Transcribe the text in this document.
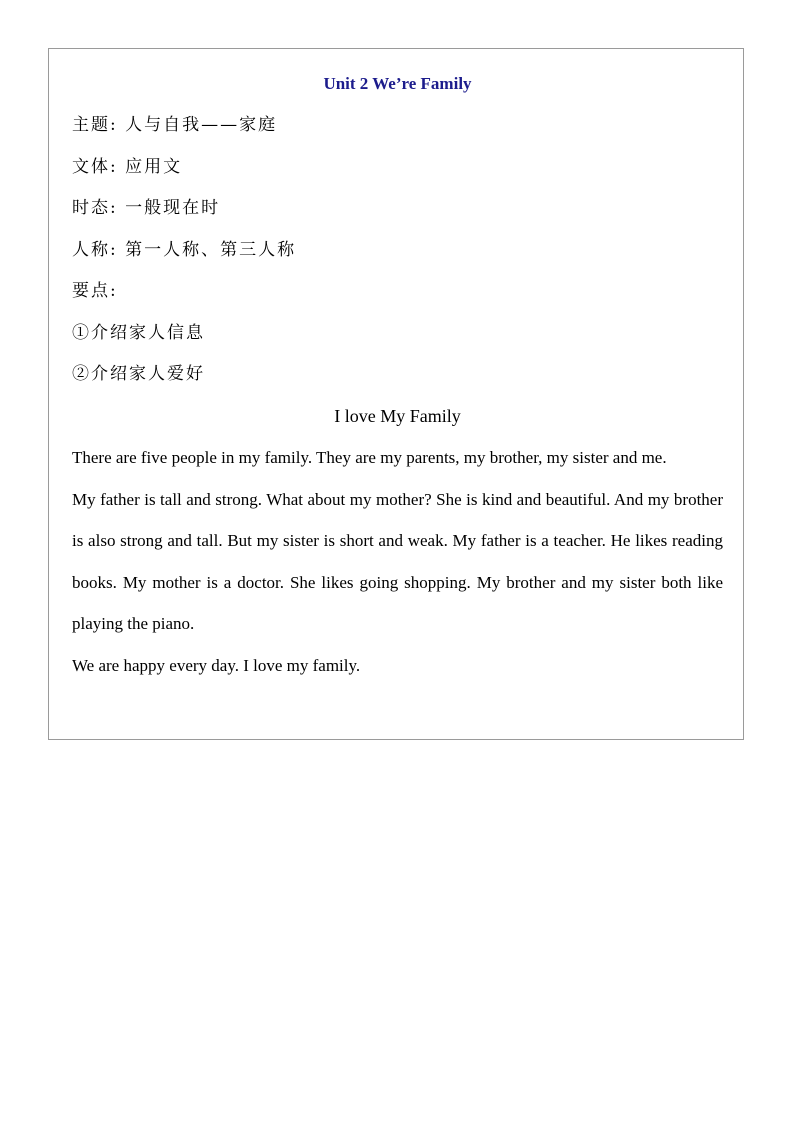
Unit 2 We’re Family
主题: 人与自我——家庭
文体: 应用文
时态: 一般现在时
人称: 第一人称、第三人称
要点:
①介绍家人信息
②介绍家人爱好
I love My Family
There are five people in my family. They are my parents, my brother, my sister and me.
My father is tall and strong. What about my mother? She is kind and beautiful. And my brother is also strong and tall. But my sister is short and weak. My father is a teacher. He likes reading books. My mother is a doctor. She likes going shopping. My brother and my sister both like playing the piano.
We are happy every day. I love my family.
